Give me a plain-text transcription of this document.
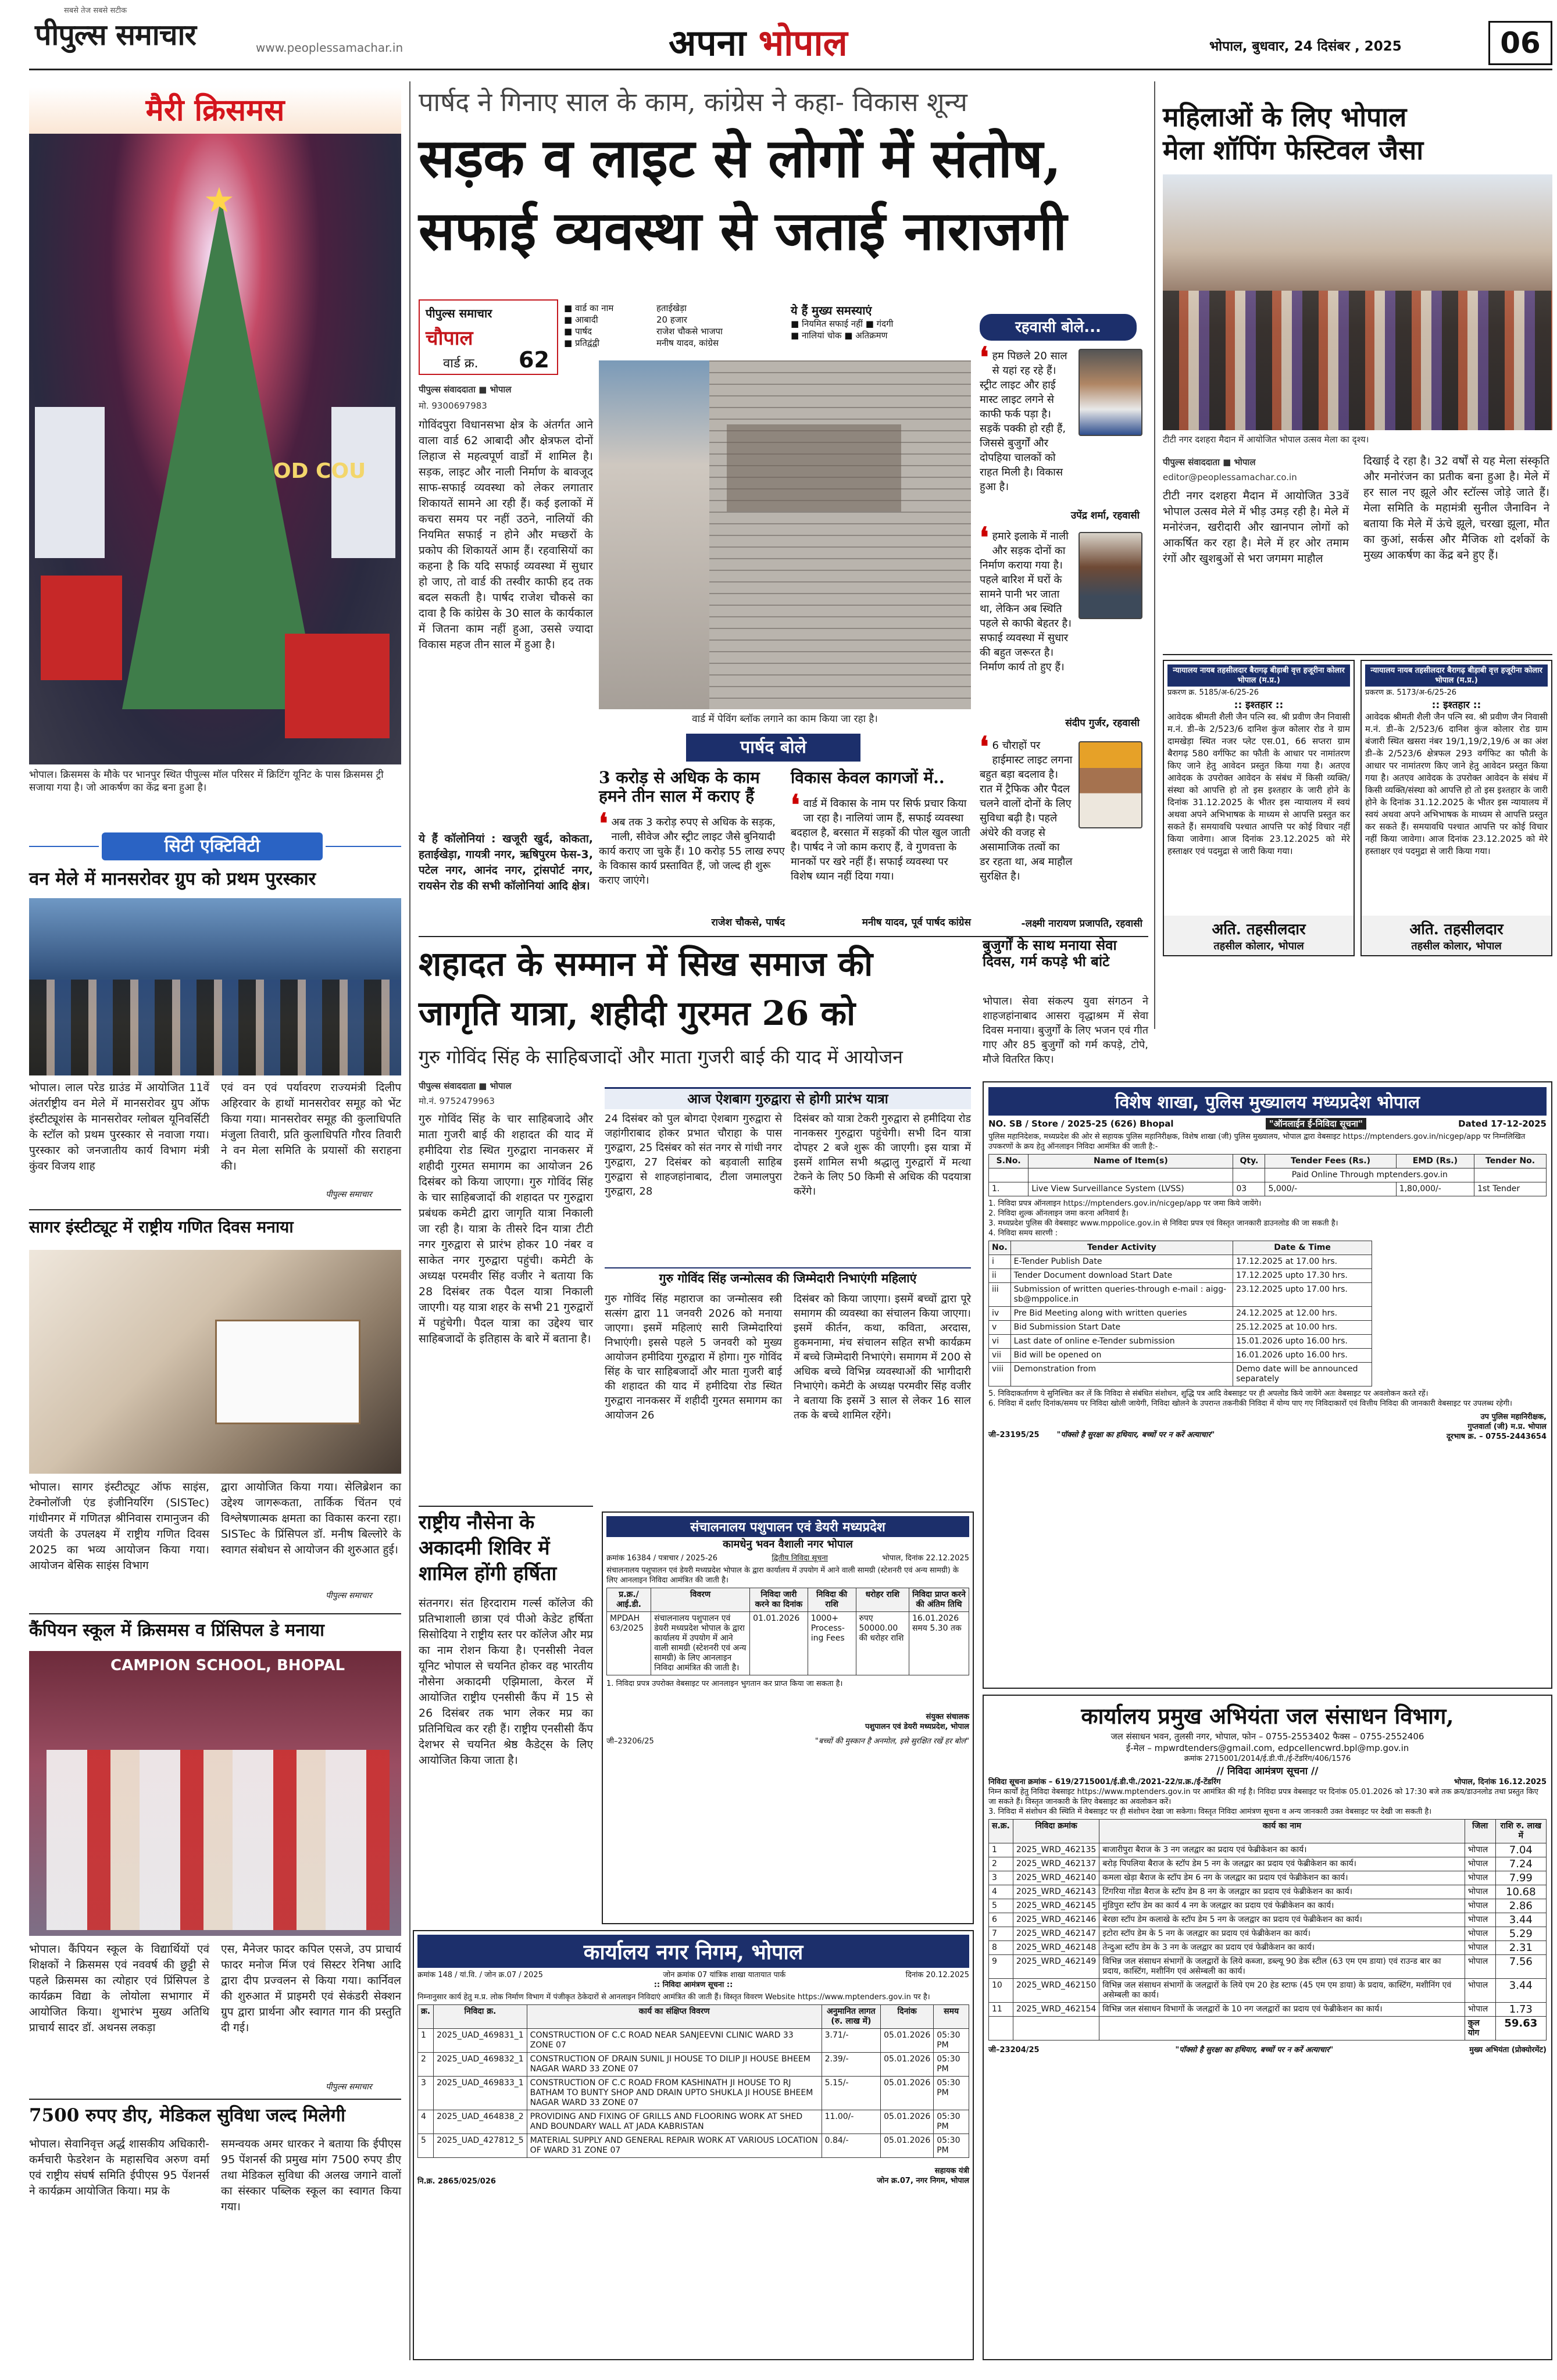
सबसे तेज सबसे सटीक
पीपुल्स समाचार	www.peoplessamachar.in	अपना भोपाल	भोपाल, बुधवार, 24 दिसंबर , 2025	06
मैरी क्रिसमस
★
OD COU
भोपाल। क्रिसमस के मौके पर भानपुर स्थित पीपुल्स मॉल परिसर में क्रिटिंग यूनिट के पास क्रिसमस ट्री सजाया गया है। जो आकर्षण का केंद्र बना हुआ है।
सिटी एक्टिविटी
वन मेले में मानसरोवर ग्रुप को प्रथम पुरस्कार

भोपाल। लाल परेड ग्राउंड में आयोजित 11वें अंतर्राष्ट्रीय वन मेले में मानसरोवर ग्रुप ऑफ इंस्टीट्यूशंस के मानसरोवर ग्लोबल यूनिवर्सिटी के स्टॉल को प्रथम पुरस्कार से नवाजा गया। पुरस्कार को जनजातीय कार्य विभाग मंत्री कुंवर विजय शाह

एवं वन एवं पर्यावरण राज्यमंत्री दिलीप अहिरवार के हाथों मानसरोवर समूह को भेंट किया गया। मानसरोवर समूह की कुलाधिपति मंजुला तिवारी, प्रति कुलाधिपति गौरव तिवारी ने वन मेला समिति के प्रयासों की सराहना की।

पीपुल्स समाचार
सागर इंस्टीट्यूट में राष्ट्रीय गणित दिवस मनाया

भोपाल। सागर इंस्टीट्यूट ऑफ साइंस, टेक्नोलॉजी एंड इंजीनियरिंग (SISTec) गांधीनगर में गणितज्ञ श्रीनिवास रामानुजन की जयंती के उपलक्ष्य में राष्ट्रीय गणित दिवस 2025 का भव्य आयोजन किया गया। आयोजन बेसिक साइंस विभाग

द्वारा आयोजित किया गया। सेलिब्रेशन का उद्देश्य जागरूकता, तार्किक चिंतन एवं विश्लेषणात्मक क्षमता का विकास करना रहा। SISTec के प्रिंसिपल डॉ. मनीष बिल्लोरे के स्वागत संबोधन से आयोजन की शुरुआत हुई।

पीपुल्स समाचार
कैंपियन स्कूल में क्रिसमस व प्रिंसिपल डे मनाया
CAMPION SCHOOL, BHOPAL

भोपाल। कैंपियन स्कूल के विद्यार्थियों एवं शिक्षकों ने क्रिसमस एवं नववर्ष की छुट्टी से पहले क्रिसमस का त्योहार एवं प्रिंसिपल डे कार्यक्रम विद्या के लोयोला सभागार में आयोजित किया। शुभारंभ मुख्य अतिथि प्राचार्य सादर डॉ. अथनस लकड़ा

एस, मैनेजर फादर कपिल एसजे, उप प्राचार्य फादर मनोज मिंज एवं सिस्टर रेनिषा आदि द्वारा दीप प्रज्वलन से किया गया। कार्निवल की शुरुआत में प्राइमरी एवं सेकंडरी सेक्शन ग्रुप द्वारा प्रार्थना और स्वागत गान की प्रस्तुति दी गई।

पीपुल्स समाचार
7500 रुपए डीए, मेडिकल सुविधा जल्द मिलेगी

भोपाल। सेवानिवृत्त अर्द्ध शासकीय अधिकारी-कर्मचारी फेडरेशन के महासचिव अरुण वर्मा एवं राष्ट्रीय संघर्ष समिति ईपीएस 95 पेंशनर्स ने कार्यक्रम आयोजित किया। मप्र के

समन्वयक अमर धारकर ने बताया कि ईपीएस 95 पेंशनर्स की प्रमुख मांग 7500 रुपए डीए तथा मेडिकल सुविधा की अलख जगाने वालों का संस्कार पब्लिक स्कूल का स्वागत किया गया।

पार्षद ने गिनाए साल के काम, कांग्रेस ने कहा- विकास शून्य
सड़क व लाइट से लोगों में संतोष,
सफाई व्यवस्था से जताई नाराजगी
पीपुल्स समाचार
चौपाल
वार्ड क्र. 62
■ वार्ड का नाम	हताईखेड़ा
■ आबादी	20 हजार
■ पार्षद	राजेश चौकसे भाजपा
■ प्रतिद्वंद्वी	मनीष यादव, कांग्रेस
ये हैं मुख्य समस्याएं
■ नियमित सफाई नहीं ■ गंदगी
■ नालियां चोक ■ अतिक्रमण
पीपुल्स संवाददाता ■ भोपाल
मो. 9300697983

गोविंदपुरा विधानसभा क्षेत्र के अंतर्गत आने वाला वार्ड 62 आबादी और क्षेत्रफल दोनों लिहाज से महत्वपूर्ण वार्डों में शामिल है। सड़क, लाइट और नाली निर्माण के बावजूद साफ-सफाई व्यवस्था को लेकर लगातार शिकायतें सामने आ रही हैं। कई इलाकों में कचरा समय पर नहीं उठने, नालियों की नियमित सफाई न होने और मच्छरों के प्रकोप की शिकायतें आम हैं। रहवासियों का कहना है कि यदि सफाई व्यवस्था में सुधार हो जाए, तो वार्ड की तस्वीर काफी हद तक बदल सकती है। पार्षद राजेश चौकसे का दावा है कि कांग्रेस के 30 साल के कार्यकाल में जितना काम नहीं हुआ, उससे ज्यादा विकास महज तीन साल में हुआ है।

ये हैं कॉलोनियां : खजूरी खुर्द, कोकता, हताईखेड़ा, गायत्री नगर, ऋषिपुरम फेस-3, पटेल नगर, आनंद नगर, ट्रांसपोर्ट नगर, रायसेन रोड की सभी कॉलोनियां आदि क्षेत्र।

वार्ड में पेविंग ब्लॉक लगाने का काम किया जा रहा है।
रहवासी बोले...
❛ हम पिछले 20 साल से यहां रह रहे हैं। स्ट्रीट लाइट और हाई मास्ट लाइट लगने से काफी फर्क पड़ा है। सड़कें पक्की हो रही हैं, जिससे बुजुर्गों और दोपहिया चालकों को राहत मिली है। विकास हुआ है।
उपेंद्र शर्मा, रहवासी
❛ हमारे इलाके में नाली और सड़क दोनों का निर्माण कराया गया है। पहले बारिश में घरों के सामने पानी भर जाता था, लेकिन अब स्थिति पहले से काफी बेहतर है। सफाई व्यवस्था में सुधार की बहुत जरूरत है। निर्माण कार्य तो हुए हैं।
संदीप गुर्जर, रहवासी
❛ 6 चौराहों पर हाईमास्ट लाइट लगना बहुत बड़ा बदलाव है। रात में ट्रैफिक और पैदल चलने वालों दोनों के लिए सुविधा बढ़ी है। पहले अंधेरे की वजह से असामाजिक तत्वों का डर रहता था, अब माहौल सुरक्षित है।
-लक्ष्मी नारायण प्रजापति, रहवासी
पार्षद बोले
3 करोड़ से अधिक के काम हमने तीन साल में कराए हैं
❛ अब तक 3 करोड़ रुपए से अधिक के सड़क, नाली, सीवेज और स्ट्रीट लाइट जैसे बुनियादी कार्य कराए जा चुके हैं। 10 करोड़ 55 लाख रुपए के विकास कार्य प्रस्तावित हैं, जो जल्द ही शुरू कराए जाएंगे।
राजेश चौकसे, पार्षद
विकास केवल कागजों में..
❛ वार्ड में विकास के नाम पर सिर्फ प्रचार किया जा रहा है। नालियां जाम हैं, सफाई व्यवस्था बदहाल है, बरसात में सड़कों की पोल खुल जाती है। पार्षद ने जो काम कराए हैं, वे गुणवत्ता के मानकों पर खरे नहीं हैं। सफाई व्यवस्था पर विशेष ध्यान नहीं दिया गया।
मनीष यादव, पूर्व पार्षद कांग्रेस
शहादत के सम्मान में सिख समाज की
जागृति यात्रा, शहीदी गुरमत 26 को
गुरु गोविंद सिंह के साहिबजादों और माता गुजरी बाई की याद में आयोजन
पीपुल्स संवाददाता ■ भोपाल
मो.नं. 9752479963

गुरु गोविंद सिंह के चार साहिबजादे और माता गुजरी बाई की शहादत की याद में हमीदिया रोड स्थित गुरुद्वारा नानकसर में शहीदी गुरमत समागम का आयोजन 26 दिसंबर को किया जाएगा। गुरु गोविंद सिंह के चार साहिबजादों की शहादत पर गुरुद्वारा प्रबंधक कमेटी द्वारा जागृति यात्रा निकाली जा रही है। यात्रा के तीसरे दिन यात्रा टीटी नगर गुरुद्वारा से प्रारंभ होकर 10 नंबर व साकेत नगर गुरुद्वारा पहुंची। कमेटी के अध्यक्ष परमवीर सिंह वजीर ने बताया कि 28 दिसंबर तक पैदल यात्रा निकाली जाएगी। यह यात्रा शहर के सभी 21 गुरुद्वारों में पहुंचेगी। पैदल यात्रा का उद्देश्य चार साहिबजादों के इतिहास के बारे में बताना है।

आज ऐशबाग गुरुद्वारा से होगी प्रारंभ यात्रा

24 दिसंबर को पुल बोगदा ऐशबाग गुरुद्वारा से जहांगीराबाद होकर प्रभात चौराहा के पास गुरुद्वारा, 25 दिसंबर को संत नगर से गांधी नगर गुरुद्वारा, 27 दिसंबर को बड़वाली साहिब गुरुद्वारा से शाहजहांनाबाद, टीला जमालपुरा गुरुद्वारा, 28

दिसंबर को यात्रा टेकरी गुरुद्वारा से हमीदिया रोड नानकसर गुरुद्वारा पहुंचेगी। सभी दिन यात्रा दोपहर 2 बजे शुरू की जाएगी। इस यात्रा में इसमें शामिल सभी श्रद्धालु गुरुद्वारों में मत्था टेकने के लिए 50 किमी से अधिक की पदयात्रा करेंगे।

गुरु गोविंद सिंह जन्मोत्सव की जिम्मेदारी निभाएंगी महिलाएं

गुरु गोविंद सिंह महाराज का जन्मोत्सव स्त्री सत्संग द्वारा 11 जनवरी 2026 को मनाया जाएगा। इसमें महिलाएं सारी जिम्मेदारियां निभाएंगी। इससे पहले 5 जनवरी को मुख्य आयोजन हमीदिया गुरुद्वारा में होगा। गुरु गोविंद सिंह के चार साहिबजादों और माता गुजरी बाई की शहादत की याद में हमीदिया रोड स्थित गुरुद्वारा नानकसर में शहीदी गुरमत समागम का आयोजन 26

दिसंबर को किया जाएगा। इसमें बच्चों द्वारा पूरे समागम की व्यवस्था का संचालन किया जाएगा। इसमें कीर्तन, कथा, कविता, अरदास, हुकमनामा, मंच संचालन सहित सभी कार्यक्रम में बच्चे जिम्मेदारी निभाएंगे। समागम में 200 से अधिक बच्चे विभिन्न व्यवस्थाओं की भागीदारी निभाएंगे। कमेटी के अध्यक्ष परमवीर सिंह वजीर ने बताया कि इसमें 3 साल से लेकर 16 साल तक के बच्चे शामिल रहेंगे।

राष्ट्रीय नौसेना के
अकादमी शिविर में
शामिल होंगी हर्षिता

संतनगर। संत हिरदाराम गर्ल्स कॉलेज की प्रतिभाशाली छात्रा एवं पीओ केडेट हर्षिता सिसोदिया ने राष्ट्रीय स्तर पर कॉलेज और मप्र का नाम रोशन किया है। एनसीसी नेवल यूनिट भोपाल से चयनित होकर वह भारतीय नौसेना अकादमी एझिमाला, केरल में आयोजित राष्ट्रीय एनसीसी कैंप में 15 से 26 दिसंबर तक भाग लेकर मप्र का प्रतिनिधित्व कर रही हैं। राष्ट्रीय एनसीसी कैंप देशभर से चयनित श्रेष्ठ कैडेट्स के लिए आयोजित किया जाता है।

संचालनालय पशुपालन एवं डेयरी मध्यप्रदेश
कामधेनु भवन वैशाली नगर भोपाल
क्रमांक 16384 / पत्राचार / 2025-26	द्वितीय निविदा सूचना	भोपाल, दिनांक 22.12.2025
संचालनालय पशुपालन एवं डेयरी मध्यप्रदेश भोपाल के द्वारा कार्यालय में उपयोग में आने वाली सामग्री (स्टेशनरी एवं अन्य सामग्री) के लिए आनलाइन निविदा आमंत्रित की जाती है।
प्र.क्र./आई.डी.	विवरण	निविदा जारी करने का दिनांक	निविदा की राशि	धरोहर राशि	निविदा प्राप्त करने की अंतिम तिथि
MPDAH 63/2025	संचालनालय पशुपालन एवं डेयरी मध्यप्रदेश भोपाल के द्वारा कार्यालय में उपयोग में आने वाली सामग्री (स्टेशनरी एवं अन्य सामग्री) के लिए आनलाइन निविदा आमंत्रित की जाती है।	01.01.2026	1000+ Process-ing Fees	रुपए 50000.00 की धरोहर राशि	16.01.2026 समय 5.30 तक
1. निविदा प्रपत्र उपरोक्त वेबसाइट पर आनलाइन भुगतान कर प्राप्त किया जा सकता है।
संयुक्त संचालक
पशुपालन एवं डेयरी मध्यप्रदेश, भोपाल
जी–23206/25	"बच्चों की मुस्कान है अनमोल, इसे सुरक्षित रखें हर बोल"
कार्यालय नगर निगम, भोपाल
क्रमांक 148 / यां.वि. / जोन क्र.07 / 2025	जोन क्रमांक 07 यांत्रिक शाखा यातायात पार्क	दिनांक 20.12.2025
:: निविदा आमंत्रण सूचना ::
निम्नानुसार कार्य हेतु म.प्र. लोक निर्माण विभाग में पंजीकृत ठेकेदारों से आनलाइन निविदाएं आमंत्रित की जाती हैं। विस्तृत विवरण Website https://www.mptenders.gov.in पर है।
क्र.	निविदा क्र.	कार्य का संक्षिप्त विवरण	अनुमानित लागत (रु. लाख में)	दिनांक	समय
1	2025_UAD_469831_1	CONSTRUCTION OF C.C ROAD NEAR SANJEEVNI CLINIC WARD 33 ZONE 07	3.71/-	05.01.2026	05:30 PM
2	2025_UAD_469832_1	CONSTRUCTION OF DRAIN SUNIL JI HOUSE TO DILIP JI HOUSE BHEEM NAGAR WARD 33 ZONE 07	2.39/-	05.01.2026	05:30 PM
3	2025_UAD_469833_1	CONSTRUCTION OF C.C ROAD FROM KASHINATH JI HOUSE TO RJ BATHAM TO BUNTY SHOP AND DRAIN UPTO SHUKLA JI HOUSE BHEEM NAGAR WARD 33 ZONE 07	5.15/-	05.01.2026	05:30 PM
4	2025_UAD_464838_2	PROVIDING AND FIXING OF GRILLS AND FLOORING WORK AT SHED AND BOUNDARY WALL AT JADA KABRISTAN	11.00/-	05.01.2026	05:30 PM
5	2025_UAD_427812_5	MATERIAL SUPPLY AND GENERAL REPAIR WORK AT VARIOUS LOCATION OF WARD 31 ZONE 07	0.84/-	05.01.2026	05:30 PM
सहायक यंत्री
जोन क्र.07, नगर निगम, भोपाल
नि.क्र. 2865/025/026
महिलाओं के लिए भोपाल
मेला शॉपिंग फेस्टिवल जैसा
टीटी नगर दशहरा मैदान में आयोजित भोपाल उत्सव मेला का दृश्य।
पीपुल्स संवाददाता ■ भोपाल
editor@peoplessamachar.co.in

टीटी नगर दशहरा मैदान में आयोजित 33वें भोपाल उत्सव मेले में भीड़ उमड़ रही है। मेले में मनोरंजन, खरीदारी और खानपान लोगों को आकर्षित कर रहा है। मेले में हर ओर तमाम रंगों और खुशबुओं से भरा जगमग माहौल

दिखाई दे रहा है। 32 वर्षों से यह मेला संस्कृति और मनोरंजन का प्रतीक बना हुआ है। मेले में हर साल नए झूले और स्टॉल्स जोड़े जाते हैं। मेला समिति के महामंत्री सुनील जैनाविन ने बताया कि मेले में ऊंचे झूले, चरखा झूला, मौत का कुआं, सर्कस और मैजिक शो दर्शकों के मुख्य आकर्षण का केंद्र बने हुए हैं।

न्यायालय नायब तहसीलदार बैरागढ़ बीड़ाबी वृत्त हजूरीना कोलार भोपाल (म.प्र.)
प्रकरण क्र. 5185/अ-6/25-26
:: इश्तहार ::
आवेदक श्रीमती शैली जैन पत्नि स्व. श्री प्रवीण जैन निवासी म.नं. डी–के 2/523/6 दानिश कुंज कोलार रोड ने ग्राम दामखेड़ा स्थित नजर प्लेट एस.01, 66 सप्तरा ग्राम बैरागढ़ 580 वर्गफिट का फौती के आधार पर नामांतरण किए जाने हेतु आवेदन प्रस्तुत किया गया है। अतएव आवेदक के उपरोक्त आवेदन के संबंध में किसी व्यक्ति/संस्था को आपत्ति हो तो इस इश्तहार के जारी होने के दिनांक 31.12.2025 के भीतर इस न्यायालय में स्वयं अथवा अपने अभिभाषक के माध्यम से आपत्ति प्रस्तुत कर सकते हैं। समयावधि पश्चात आपत्ति पर कोई विचार नहीं किया जावेगा। आज दिनांक 23.12.2025 को मेरे हस्ताक्षर एवं पदमुद्रा से जारी किया गया।
अति. तहसीलदार
तहसील कोलार, भोपाल
न्यायालय नायब तहसीलदार बैरागढ़ बीड़ाबी वृत्त हजूरीना कोलार भोपाल (म.प्र.)
प्रकरण क्र. 5173/अ-6/25-26
:: इश्तहार ::
आवेदक श्रीमती शैली जैन पत्नि स्व. श्री प्रवीण जैन निवासी म.नं. डी–के 2/523/6 दानिश कुंज कोलार रोड ग्राम बंजारी स्थित खसरा नंबर 19/1,19/2,19/6 अ का अंश डी–के 2/523/6 क्षेत्रफल 293 वर्गफिट का फौती के आधार पर नामांतरण किए जाने हेतु आवेदन प्रस्तुत किया गया है। अतएव आवेदक के उपरोक्त आवेदन के संबंध में किसी व्यक्ति/संस्था को आपत्ति हो तो इस इश्तहार के जारी होने के दिनांक 31.12.2025 के भीतर इस न्यायालय में स्वयं अथवा अपने अभिभाषक के माध्यम से आपत्ति प्रस्तुत कर सकते हैं। समयावधि पश्चात आपत्ति पर कोई विचार नहीं किया जावेगा। आज दिनांक 23.12.2025 को मेरे हस्ताक्षर एवं पदमुद्रा से जारी किया गया।
अति. तहसीलदार
तहसील कोलार, भोपाल
बुजुर्गों के साथ मनाया सेवा दिवस, गर्म कपड़े भी बांटे

भोपाल। सेवा संकल्प युवा संगठन ने शाहजहांनाबाद आसरा वृद्धाश्रम में सेवा दिवस मनाया। बुजुर्गों के लिए भजन एवं गीत गाए और 85 बुजुर्गों को गर्म कपड़े, टोपे, मौजे वितरित किए।

विशेष शाखा, पुलिस मुख्यालय मध्यप्रदेश भोपाल
NO. SB / Store / 2025-25 (626) Bhopal	"ऑनलाईन ई-निविदा सूचना"	Dated 17-12-2025
पुलिस महानिदेशक, मध्यप्रदेश की ओर से सहायक पुलिस महानिरीक्षक, विशेष शाखा (जी) पुलिस मुख्यालय, भोपाल द्वारा वेबसाइट https://mptenders.gov.in/nicgep/app पर निम्नलिखित उपकरणों के क्रय हेतु ऑनलाइन निविदा आमंत्रित की जाती है:-
S.No.	Name of Item(s)	Qty.	Tender Fees (Rs.)	EMD (Rs.)	Tender No.
			Paid Online Through mptenders.gov.in		
1.	Live View Surveillance System (LVSS)	03	5,000/-	1,80,000/-	1st Tender
1. निविदा प्रपत्र ऑनलाइन https://mptenders.gov.in/nicgep/app पर जमा किये जायेंगे।
2. निविदा शुल्क ऑनलाइन जमा करना अनिवार्य है।
3. मध्यप्रदेश पुलिस की वेबसाइट www.mppolice.gov.in से निविदा प्रपत्र एवं विस्तृत जानकारी डाउनलोड की जा सकती है।
4. निविदा समय सारणी :
No.	Tender Activity	Date & Time
i	E-Tender Publish Date	17.12.2025 at 17.00 hrs.
ii	Tender Document download Start Date	17.12.2025 upto 17.30 hrs.
iii	Submission of written queries-through e-mail : aigg-sb@mppolice.in	23.12.2025 upto 17.00 hrs.
iv	Pre Bid Meeting along with written queries	24.12.2025 at 12.00 hrs.
v	Bid Submission Start Date	25.12.2025 at 10.00 hrs.
vi	Last date of online e-Tender submission	15.01.2026 upto 16.00 hrs.
vii	Bid will be opened on	16.01.2026 upto 16.00 hrs.
viii	Demonstration from	Demo date will be announced separately
5. निविदाकर्तागण ये सुनिश्चित कर लें कि निविदा से संबंधित संशोधन, शुद्धि पत्र आदि वेबसाइट पर ही अपलोड किये जायेंगे अतः वेबसाइट पर अवलोकन करते रहें।
6. निविदा में दर्शाए दिनांक/समय पर निविदा खोली जायेगी, निविदा खोलने के उपरान्त तकनीकी निविदा में योग्य पाए गए निविदाकारों एवं वित्तीय निविदा की जानकारी वेबसाइट पर उपलब्ध रहेगी।
उप पुलिस महानिरीक्षक,
गुप्तवार्ता (जी) म.प्र. भोपाल
दूरभाष क्र. – 0755-2443654
जी–23195/25 "पॉक्सो है सुरक्षा का हथियार, बच्चों पर न करें अत्याचार"
कार्यालय प्रमुख अभियंता जल संसाधन विभाग,
जल संसाधन भवन, तुलसी नगर, भोपाल, फोन – 0755-2553402 फैक्स – 0755-2552406
ई-मेल – mpwrdtenders@gmail.com, edpcellencwrd.bpl@mp.gov.in
क्रमांक 2715001/2014/ई.डी.पी./ई-टेंडरिंग/406/1576
// निविदा आमंत्रण सूचना //
निविदा सूचना क्रमांक – 619/2715001/ई.डी.पी./2021-22/प्र.क्र./ई-टेंडरिंग	भोपाल, दिनांक 16.12.2025
निम्न कार्यों हेतु निविदा वेबसाइट https://www.mptenders.gov.in पर आमंत्रित की गई है। निविदा प्रपत्र वेबसाइट पर दिनांक 05.01.2026 को 17:30 बजे तक क्रय/डाउनलोड तथा प्रस्तुत किए जा सकते हैं। विस्तृत जानकारी के लिए वेबसाइट का अवलोकन करें।
3. निविदा में संशोधन की स्थिति में वेबसाइट पर ही संशोधन देखा जा सकेगा। विस्तृत निविदा आमंत्रण सूचना व अन्य जानकारी उक्त वेबसाइट पर देखी जा सकती है।
स.क्र.	निविदा क्रमांक	कार्य का नाम	जिला	राशि रु. लाख में
1	2025_WRD_462135	बाजारीपुरा बैराज के 3 नग जलद्वार का प्रदाय एवं फेब्रीकेशन का कार्य।	भोपाल	7.04
2	2025_WRD_462137	बरोड़ पिपलिया बैराज के स्टॉप डेम 5 नग के जलद्वार का प्रदाय एवं फेब्रीकेशन का कार्य।	भोपाल	7.24
3	2025_WRD_462140	कमला खेड़ा बैराज के स्टॉप डेम 6 नग के जलद्वार का प्रदाय एवं फेब्रीकेशन का कार्य।	भोपाल	7.99
4	2025_WRD_462143	टिंगरिया गोंडा बैराज के स्टॉप डेम 8 नग के जलद्वार का प्रदाय एवं फेब्रीकेशन का कार्य।	भोपाल	10.68
5	2025_WRD_462145	मुंडिपुरा स्टॉप डेम का कार्य 4 नग के जलद्वार का प्रदाय एवं फेब्रीकेशन का कार्य।	भोपाल	2.86
6	2025_WRD_462146	बेरछा स्टॉप डेम कलाखे के स्टॉप डेम 5 नग के जलद्वार का प्रदाय एवं फेब्रीकेशन का कार्य।	भोपाल	3.44
7	2025_WRD_462147	इटोरा स्टॉप डेम के 5 नग के जलद्वार का प्रदाय एवं फेब्रीकेशन का कार्य।	भोपाल	5.29
8	2025_WRD_462148	तेन्दुआ स्टॉप डेम के 3 नग के जलद्वार का प्रदाय एवं फेब्रीकेशन का कार्य।	भोपाल	2.31
9	2025_WRD_462149	विभिन्न जल संसाधन संभागों के जलद्वारों के लिये कब्जा, डब्ल्यू 90 डेक स्टील (63 एम एम डाया) एवं राउन्ड बार का प्रदाय, कास्टिंग, मशीनिंग एवं असेम्बली का कार्य।	भोपाल	7.56
10	2025_WRD_462150	विभिन्न जल संसाधन संभागों के जलद्वारों के लिये एम 20 हेड स्टाफ (45 एम एम डाया) के प्रदाय, कास्टिंग, मशीनिंग एवं असेम्बली का कार्य।	भोपाल	3.44
11	2025_WRD_462154	विभिन्न जल संसाधन विभागों के जलद्वारों के 10 नग जलद्वारों का प्रदाय एवं फेब्रीकेशन का कार्य।	भोपाल	1.73
			कुल योग	59.63
जी–23204/25	"पॉक्सो है सुरक्षा का हथियार, बच्चों पर न करें अत्याचार"	मुख्य अभियंता (प्रोक्योरमेंट)
